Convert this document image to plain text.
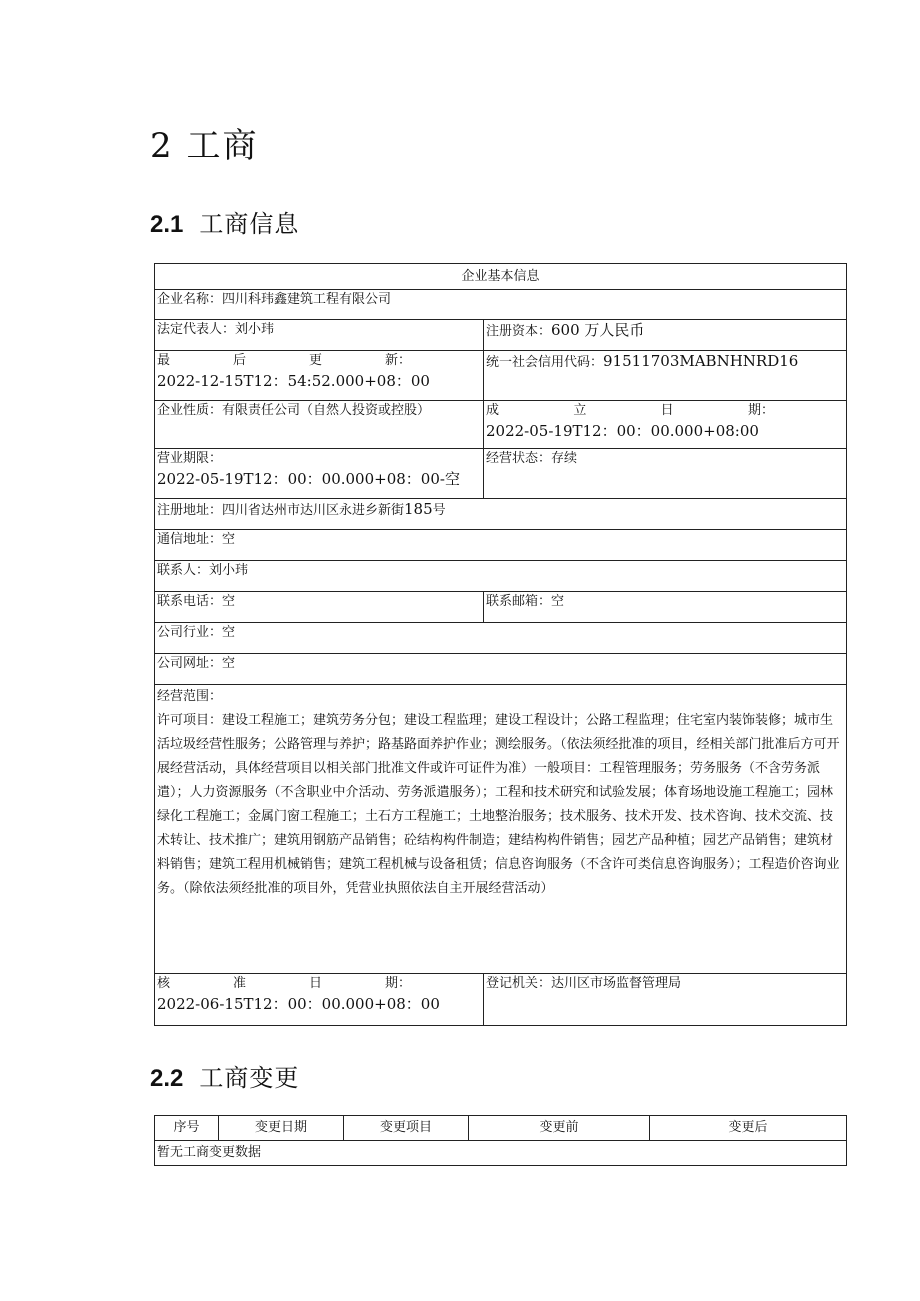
2 工商
2.1 工商信息
企业基本信息	
企业名称：四川科玮鑫建筑工程有限公司	
法定代表人：刘小玮	注册资本：600 万人民币

最 后 更 新：
2022-12-15T12：54:52.000+08：00	统一社会信用代码：91511703MABNHNRD16
企业性质：有限责任公司（自然人投资或控股）	成 立 日 期：
2022-05-19T12：00：00.000+08:00

营业期限：
2022-05-19T12：00：00.000+08：00-空	经营状态：存续
注册地址：四川省达州市达川区永进乡新街185号	
通信地址：空	
联系人：刘小玮	
联系电话：空	联系邮箱：空
公司行业：空	
公司网址：空	

经营范围：
许可项目：建设工程施工；建筑劳务分包；建设工程监理；建设工程设计；公路工程监理；住宅室内装饰装修；城市生活垃圾经营性服务；公路管理与养护；路基路面养护作业；测绘服务。（依法须经批准的项目，经相关部门批准后方可开展经营活动，具体经营项目以相关部门批准文件或许可证件为准）一般项目：工程管理服务；劳务服务（不含劳务派遣）；人力资源服务（不含职业中介活动、劳务派遣服务）；工程和技术研究和试验发展；体育场地设施工程施工；园林绿化工程施工；金属门窗工程施工；土石方工程施工；土地整治服务；技术服务、技术开发、技术咨询、技术交流、技术转让、技术推广；建筑用钢筋产品销售；砼结构构件制造；建结构构件销售；园艺产品种植；园艺产品销售；建筑材料销售；建筑工程用机械销售；建筑工程机械与设备租赁；信息咨询服务（不含许可类信息咨询服务）；工程造价咨询业务。（除依法须经批准的项目外，凭营业执照依法自主开展经营活动）	

核 准 日 期：
2022-06-15T12：00：00.000+08：00	登记机关：达川区市场监督管理局
2.2 工商变更
序号	变更日期	变更项目	变更前	变更后
暂无工商变更数据
